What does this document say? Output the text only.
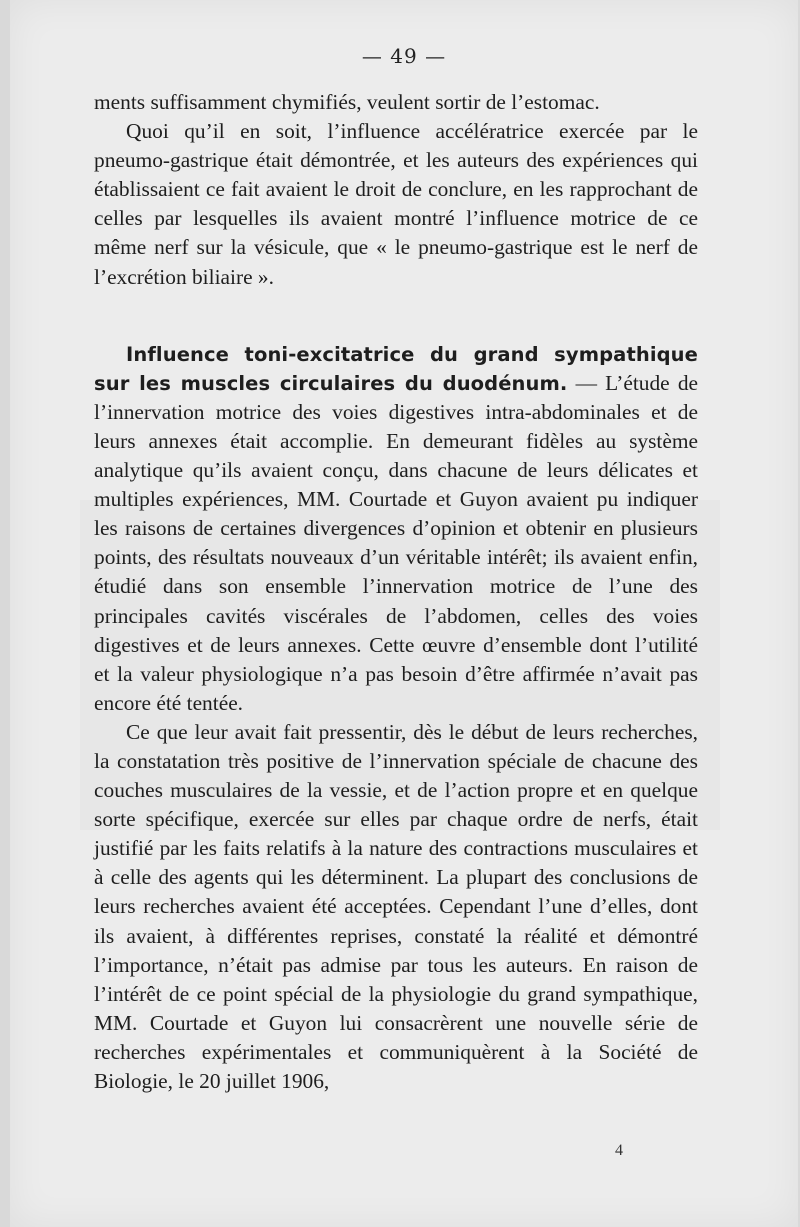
— 49 —

ments suffisamment chymifiés, veulent sortir de l’estomac.

Quoi qu’il en soit, l’influence accélératrice exercée par le pneumo-gastrique était démontrée, et les auteurs des expériences qui établissaient ce fait avaient le droit de conclure, en les rapprochant de celles par lesquelles ils avaient montré l’influence motrice de ce même nerf sur la vésicule, que « le pneumo-gastrique est le nerf de l’excrétion biliaire ».

Influence toni-excitatrice du grand sympathique sur les muscles circulaires du duodénum. — L’étude de l’innervation motrice des voies digestives intra-abdominales et de leurs annexes était accomplie. En demeurant fidèles au système analytique qu’ils avaient conçu, dans chacune de leurs délicates et multiples expériences, MM. Courtade et Guyon avaient pu indiquer les raisons de certaines divergences d’opinion et obtenir en plusieurs points, des résultats nouveaux d’un véritable intérêt; ils avaient enfin, étudié dans son ensemble l’innervation motrice de l’une des principales cavités viscérales de l’abdomen, celles des voies digestives et de leurs annexes. Cette œuvre d’ensemble dont l’utilité et la valeur physiologique n’a pas besoin d’être affirmée n’avait pas encore été tentée.

Ce que leur avait fait pressentir, dès le début de leurs recherches, la constatation très positive de l’innervation spéciale de chacune des couches musculaires de la vessie, et de l’action propre et en quelque sorte spécifique, exercée sur elles par chaque ordre de nerfs, était justifié par les faits relatifs à la nature des contractions musculaires et à celle des agents qui les déterminent. La plupart des conclusions de leurs recherches avaient été acceptées. Cependant l’une d’elles, dont ils avaient, à différentes reprises, constaté la réalité et démontré l’importance, n’était pas admise par tous les auteurs. En raison de l’intérêt de ce point spécial de la physiologie du grand sympathique, MM. Courtade et Guyon lui consacrèrent une nouvelle série de recherches expérimentales et communiquèrent à la Société de Biologie, le 20 juillet 1906,

4
